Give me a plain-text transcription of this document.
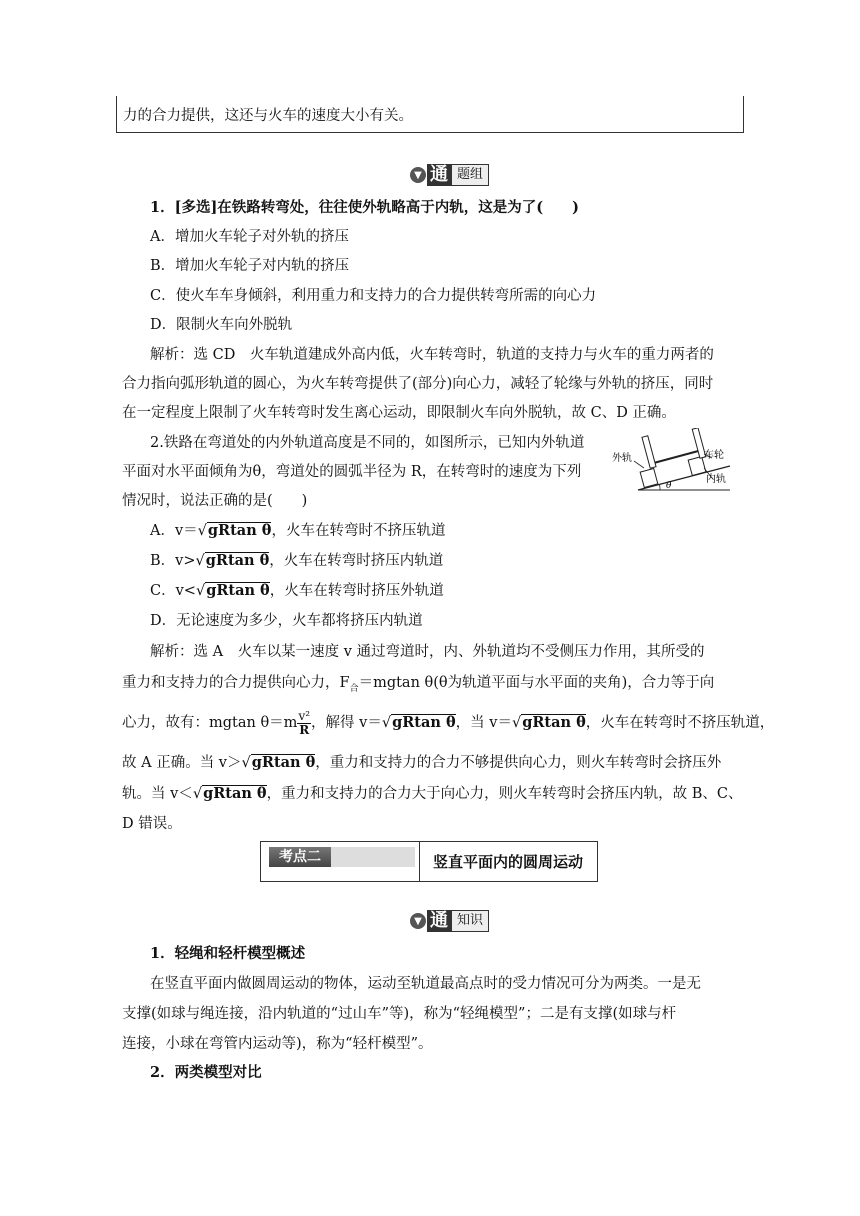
力的合力提供，这还与火车的速度大小有关。
▼ 通 题组
1．[多选]在铁路转弯处，往往使外轨略高于内轨，这是为了(　　)
A．增加火车轮子对外轨的挤压
B．增加火车轮子对内轨的挤压
C．使火车车身倾斜，利用重力和支持力的合力提供转弯所需的向心力
D．限制火车向外脱轨
解析：选 CD　火车轨道建成外高内低，火车转弯时，轨道的支持力与火车的重力两者的
合力指向弧形轨道的圆心，为火车转弯提供了(部分)向心力，减轻了轮缘与外轨的挤压，同时
在一定程度上限制了火车转弯时发生离心运动，即限制火车向外脱轨，故 C、D 正确。
2.铁路在弯道处的内外轨道高度是不同的，如图所示，已知内外轨道
平面对水平面倾角为θ，弯道处的圆弧半径为 R，在转弯时的速度为下列
情况时，说法正确的是(　　)
外轨	车轮
内轨
θ
A．v＝√gRtan θ，火车在转弯时不挤压轨道
B．v>√gRtan θ，火车在转弯时挤压内轨道
C．v<√gRtan θ，火车在转弯时挤压外轨道
D．无论速度为多少，火车都将挤压内轨道
解析：选 A　火车以某一速度 v 通过弯道时，内、外轨道均不受侧压力作用，其所受的
重力和支持力的合力提供向心力，$F_合=mgtan$ θ(θ为轨道平面与水平面的夹角)，合力等于向
心力，故有：mgtan $\theta=m \frac{\text{v²}}{R}$ ，解得 v＝√gRtan θ，当 v＝√gRtan θ，火车在转弯时不挤压轨道，
故 A 正确。当 v＞√gRtan θ，重力和支持力的合力不够提供向心力，则火车转弯时会挤压外
轨。当 v＜√gRtan θ，重力和支持力的合力大于向心力，则火车转弯时会挤压内轨，故 B、C、
D 错误。
考点二	竖直平面内的圆周运动
▼ 通 知识
1．轻绳和轻杆模型概述
在竖直平面内做圆周运动的物体，运动至轨道最高点时的受力情况可分为两类。一是无
支撑(如球与绳连接，沿内轨道的“过山车”等)，称为“轻绳模型”；二是有支撑(如球与杆
连接，小球在弯管内运动等)，称为“轻杆模型”。
2．两类模型对比
